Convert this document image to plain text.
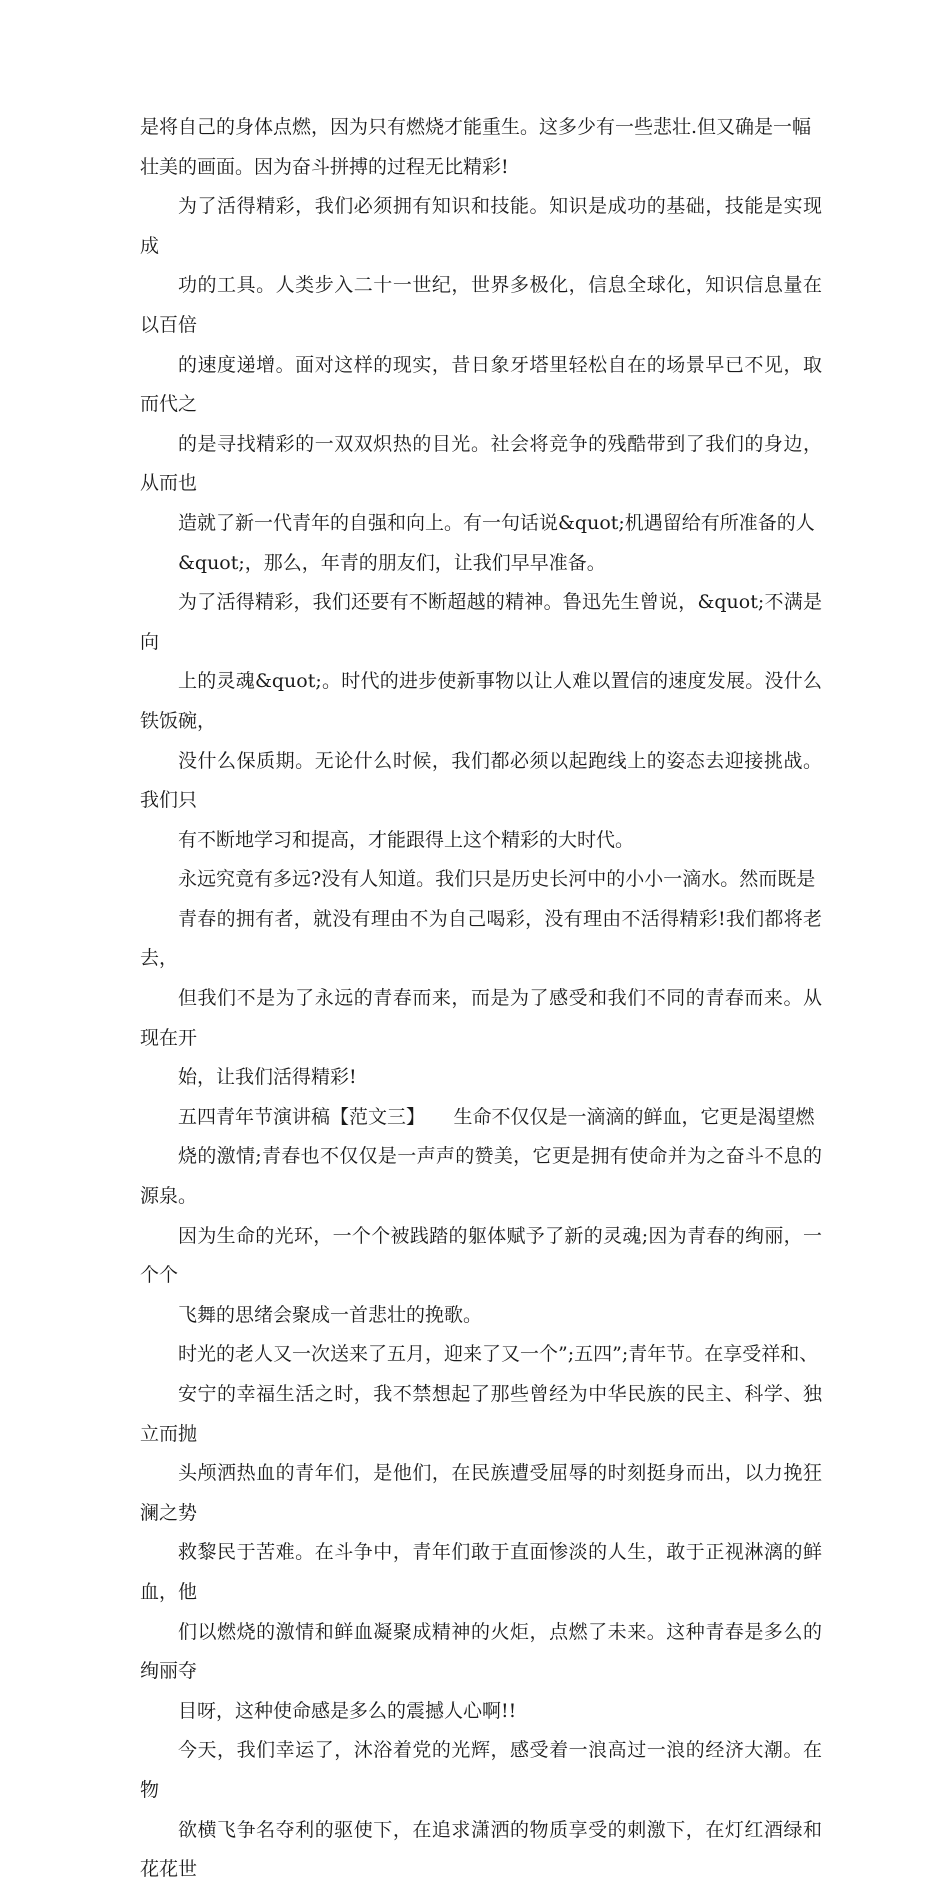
是将自己的身体点燃，因为只有燃烧才能重生。这多少有一些悲壮.但又确是一幅
壮美的画面。因为奋斗拼搏的过程无比精彩!
为了活得精彩，我们必须拥有知识和技能。知识是成功的基础，技能是实现成
功的工具。人类步入二十一世纪，世界多极化，信息全球化，知识信息量在以百倍
的速度递增。面对这样的现实，昔日象牙塔里轻松自在的场景早已不见，取而代之
的是寻找精彩的一双双炽热的目光。社会将竞争的残酷带到了我们的身边，从而也
造就了新一代青年的自强和向上。有一句话说&quot;机遇留给有所准备的人
&quot;，那么，年青的朋友们，让我们早早准备。
为了活得精彩，我们还要有不断超越的精神。鲁迅先生曾说，&quot;不满是向
上的灵魂&quot;。时代的进步使新事物以让人难以置信的速度发展。没什么铁饭碗，
没什么保质期。无论什么时候，我们都必须以起跑线上的姿态去迎接挑战。我们只
有不断地学习和提高，才能跟得上这个精彩的大时代。
永远究竟有多远?没有人知道。我们只是历史长河中的小小一滴水。然而既是
青春的拥有者，就没有理由不为自己喝彩，没有理由不活得精彩!我们都将老去，
但我们不是为了永远的青春而来，而是为了感受和我们不同的青春而来。从现在开
始，让我们活得精彩!
五四青年节演讲稿【范文三】　　生命不仅仅是一滴滴的鲜血，它更是渴望燃
烧的激情;青春也不仅仅是一声声的赞美，它更是拥有使命并为之奋斗不息的源泉。
因为生命的光环，一个个被践踏的躯体赋予了新的灵魂;因为青春的绚丽，一个个
飞舞的思绪会聚成一首悲壮的挽歌。
时光的老人又一次送来了五月，迎来了又一个”;五四”;青年节。在享受祥和、
安宁的幸福生活之时，我不禁想起了那些曾经为中华民族的民主、科学、独立而抛
头颅洒热血的青年们，是他们，在民族遭受屈辱的时刻挺身而出，以力挽狂澜之势
救黎民于苦难。在斗争中，青年们敢于直面惨淡的人生，敢于正视淋漓的鲜血，他
们以燃烧的激情和鲜血凝聚成精神的火炬，点燃了未来。这种青春是多么的绚丽夺
目呀，这种使命感是多么的震撼人心啊!!
今天，我们幸运了，沐浴着党的光辉，感受着一浪高过一浪的经济大潮。在物
欲横飞争名夺利的驱使下，在追求潇洒的物质享受的刺激下，在灯红酒绿和花花世
